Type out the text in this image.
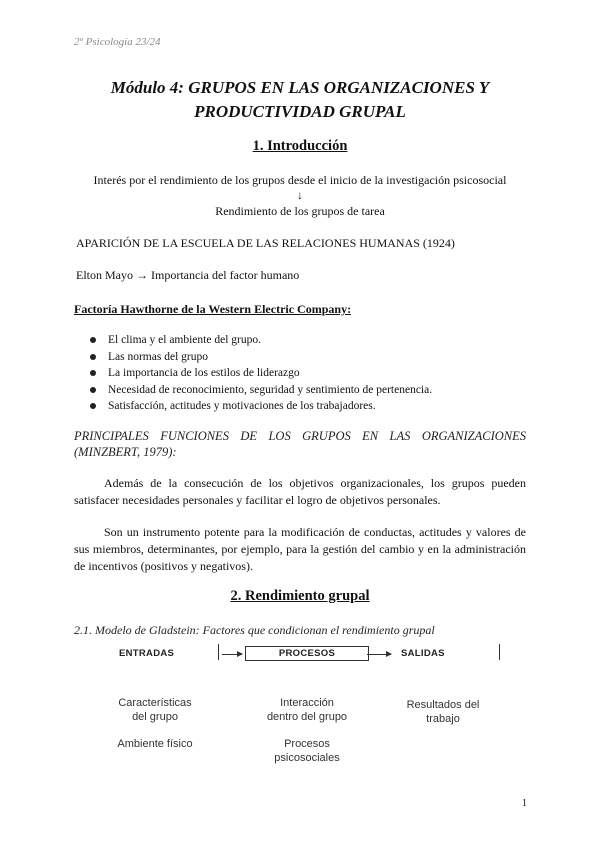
2º Psicología 23/24
Módulo 4: GRUPOS EN LAS ORGANIZACIONES Y
PRODUCTIVIDAD GRUPAL
1. Introducción
Interés por el rendimiento de los grupos desde el inicio de la investigación psicosocial
↓
Rendimiento de los grupos de tarea
APARICIÓN DE LA ESCUELA DE LAS RELACIONES HUMANAS (1924)
Elton Mayo → Importancia del factor humano
Factoría Hawthorne de la Western Electric Company:
El clima y el ambiente del grupo.
Las normas del grupo
La importancia de los estilos de liderazgo
Necesidad de reconocimiento, seguridad y sentimiento de pertenencia.
Satisfacción, actitudes y motivaciones de los trabajadores.
PRINCIPALES FUNCIONES DE LOS GRUPOS EN LAS ORGANIZACIONES (MINZBERT, 1979):
Además de la consecución de los objetivos organizacionales, los grupos pueden satisfacer necesidades personales y facilitar el logro de objetivos personales.
Son un instrumento potente para la modificación de conductas, actitudes y valores de sus miembros, determinantes, por ejemplo, para la gestión del cambio y en la administración de incentivos (positivos y negativos).
2. Rendimiento grupal
2.1. Modelo de Gladstein: Factores que condicionan el rendimiento grupal
ENTRADAS	PROCESOS	SALIDAS
Características
del grupo
Ambiente físico
Interacción
dentro del grupo
Procesos
psicosociales
Resultados del
trabajo
1
